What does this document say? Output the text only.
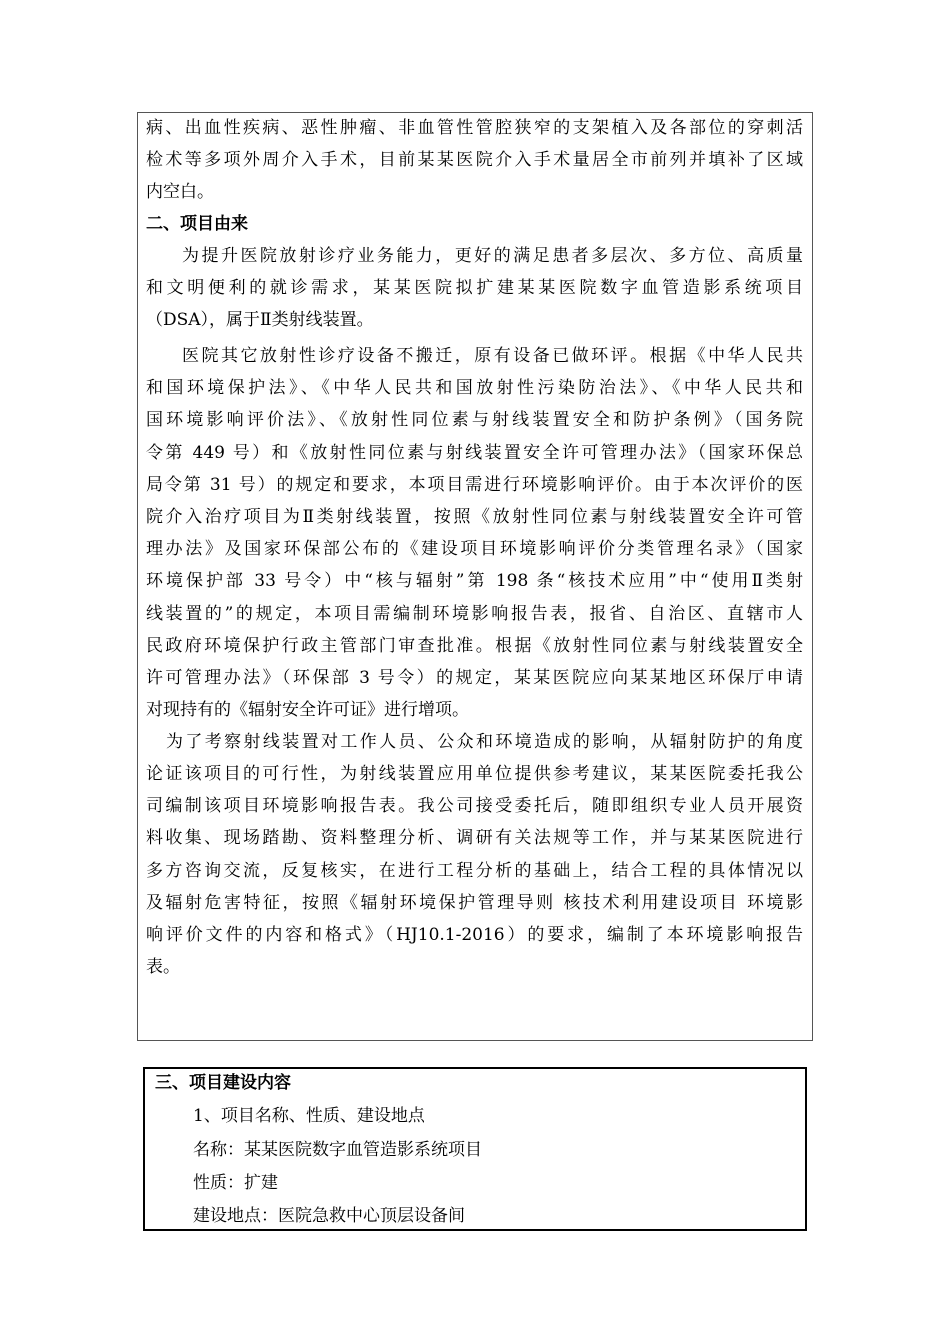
病、出血性疾病、恶性肿瘤、非血管性管腔狭窄的支架植入及各部位的穿刺活
检术等多项外周介入手术，目前某某医院介入手术量居全市前列并填补了区域
内空白。
二、项目由来
为提升医院放射诊疗业务能力，更好的满足患者多层次、多方位、高质量
和文明便利的就诊需求，某某医院拟扩建某某医院数字血管造影系统项目
（DSA），属于Ⅱ类射线装置。
医院其它放射性诊疗设备不搬迁，原有设备已做环评。根据《中华人民共
和国环境保护法》、《中华人民共和国放射性污染防治法》、《中华人民共和
国环境影响评价法》、《放射性同位素与射线装置安全和防护条例》（国务院
令第 449 号）和《放射性同位素与射线装置安全许可管理办法》（国家环保总
局令第 31 号）的规定和要求，本项目需进行环境影响评价。由于本次评价的医
院介入治疗项目为Ⅱ类射线装置，按照《放射性同位素与射线装置安全许可管
理办法》及国家环保部公布的《建设项目环境影响评价分类管理名录》（国家
环境保护部 33 号令）中“核与辐射”第 198 条“核技术应用”中“使用Ⅱ类射
线装置的”的规定，本项目需编制环境影响报告表，报省、自治区、直辖市人
民政府环境保护行政主管部门审查批准。根据《放射性同位素与射线装置安全
许可管理办法》（环保部 3 号令）的规定，某某医院应向某某地区环保厅申请
对现持有的《辐射安全许可证》进行增项。
为了考察射线装置对工作人员、公众和环境造成的影响，从辐射防护的角度
论证该项目的可行性，为射线装置应用单位提供参考建议，某某医院委托我公
司编制该项目环境影响报告表。我公司接受委托后，随即组织专业人员开展资
料收集、现场踏勘、资料整理分析、调研有关法规等工作，并与某某医院进行
多方咨询交流，反复核实，在进行工程分析的基础上，结合工程的具体情况以
及辐射危害特征，按照《辐射环境保护管理导则 核技术利用建设项目 环境影
响评价文件的内容和格式》（HJ10.1-2016）的要求，编制了本环境影响报告
表。
三、项目建设内容
1、项目名称、性质、建设地点
名称：某某医院数字血管造影系统项目
性质：扩建
建设地点：医院急救中心顶层设备间
